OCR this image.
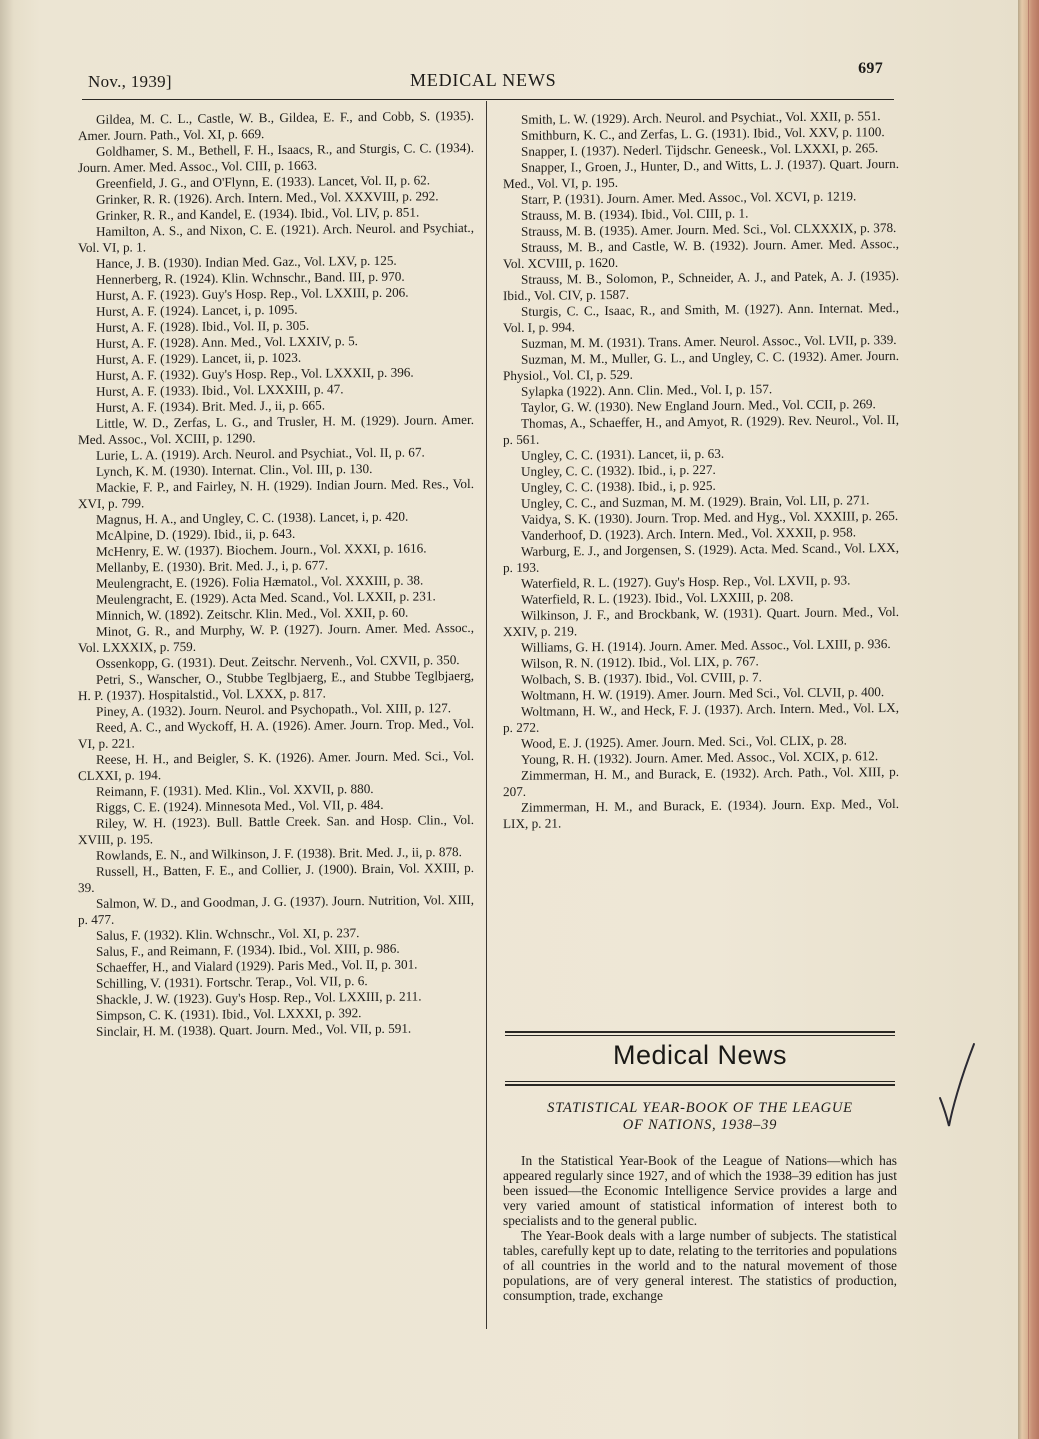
Nov., 1939]	MEDICAL NEWS
697

Gildea, M. C. L., Castle, W. B., Gildea, E. F., and Cobb, S. (1935). Amer. Journ. Path., Vol. XI, p. 669.

Goldhamer, S. M., Bethell, F. H., Isaacs, R., and Sturgis, C. C. (1934). Journ. Amer. Med. Assoc., Vol. CIII, p. 1663.

Greenfield, J. G., and O'Flynn, E. (1933). Lancet, Vol. II, p. 62.

Grinker, R. R. (1926). Arch. Intern. Med., Vol. XXXVIII, p. 292.

Grinker, R. R., and Kandel, E. (1934). Ibid., Vol. LIV, p. 851.

Hamilton, A. S., and Nixon, C. E. (1921). Arch. Neurol. and Psychiat., Vol. VI, p. 1.

Hance, J. B. (1930). Indian Med. Gaz., Vol. LXV, p. 125.

Hennerberg, R. (1924). Klin. Wchnschr., Band. III, p. 970.

Hurst, A. F. (1923). Guy's Hosp. Rep., Vol. LXXIII, p. 206.

Hurst, A. F. (1924). Lancet, i, p. 1095.

Hurst, A. F. (1928). Ibid., Vol. II, p. 305.

Hurst, A. F. (1928). Ann. Med., Vol. LXXIV, p. 5.

Hurst, A. F. (1929). Lancet, ii, p. 1023.

Hurst, A. F. (1932). Guy's Hosp. Rep., Vol. LXXXII, p. 396.

Hurst, A. F. (1933). Ibid., Vol. LXXXIII, p. 47.

Hurst, A. F. (1934). Brit. Med. J., ii, p. 665.

Little, W. D., Zerfas, L. G., and Trusler, H. M. (1929). Journ. Amer. Med. Assoc., Vol. XCIII, p. 1290.

Lurie, L. A. (1919). Arch. Neurol. and Psychiat., Vol. II, p. 67.

Lynch, K. M. (1930). Internat. Clin., Vol. III, p. 130.

Mackie, F. P., and Fairley, N. H. (1929). Indian Journ. Med. Res., Vol. XVI, p. 799.

Magnus, H. A., and Ungley, C. C. (1938). Lancet, i, p. 420.

McAlpine, D. (1929). Ibid., ii, p. 643.

McHenry, E. W. (1937). Biochem. Journ., Vol. XXXI, p. 1616.

Mellanby, E. (1930). Brit. Med. J., i, p. 677.

Meulengracht, E. (1926). Folia Hæmatol., Vol. XXXIII, p. 38.

Meulengracht, E. (1929). Acta Med. Scand., Vol. LXXII, p. 231.

Minnich, W. (1892). Zeitschr. Klin. Med., Vol. XXII, p. 60.

Minot, G. R., and Murphy, W. P. (1927). Journ. Amer. Med. Assoc., Vol. LXXXIX, p. 759.

Ossenkopp, G. (1931). Deut. Zeitschr. Nervenh., Vol. CXVII, p. 350.

Petri, S., Wanscher, O., Stubbe Teglbjaerg, E., and Stubbe Teglbjaerg, H. P. (1937). Hospitalstid., Vol. LXXX, p. 817.

Piney, A. (1932). Journ. Neurol. and Psychopath., Vol. XIII, p. 127.

Reed, A. C., and Wyckoff, H. A. (1926). Amer. Journ. Trop. Med., Vol. VI, p. 221.

Reese, H. H., and Beigler, S. K. (1926). Amer. Journ. Med. Sci., Vol. CLXXI, p. 194.

Reimann, F. (1931). Med. Klin., Vol. XXVII, p. 880.

Riggs, C. E. (1924). Minnesota Med., Vol. VII, p. 484.

Riley, W. H. (1923). Bull. Battle Creek. San. and Hosp. Clin., Vol. XVIII, p. 195.

Rowlands, E. N., and Wilkinson, J. F. (1938). Brit. Med. J., ii, p. 878.

Russell, H., Batten, F. E., and Collier, J. (1900). Brain, Vol. XXIII, p. 39.

Salmon, W. D., and Goodman, J. G. (1937). Journ. Nutrition, Vol. XIII, p. 477.

Salus, F. (1932). Klin. Wchnschr., Vol. XI, p. 237.

Salus, F., and Reimann, F. (1934). Ibid., Vol. XIII, p. 986.

Schaeffer, H., and Vialard (1929). Paris Med., Vol. II, p. 301.

Schilling, V. (1931). Fortschr. Terap., Vol. VII, p. 6.

Shackle, J. W. (1923). Guy's Hosp. Rep., Vol. LXXIII, p. 211.

Simpson, C. K. (1931). Ibid., Vol. LXXXI, p. 392.

Sinclair, H. M. (1938). Quart. Journ. Med., Vol. VII, p. 591.

Smith, L. W. (1929). Arch. Neurol. and Psychiat., Vol. XXII, p. 551.

Smithburn, K. C., and Zerfas, L. G. (1931). Ibid., Vol. XXV, p. 1100.

Snapper, I. (1937). Nederl. Tijdschr. Geneesk., Vol. LXXXI, p. 265.

Snapper, I., Groen, J., Hunter, D., and Witts, L. J. (1937). Quart. Journ. Med., Vol. VI, p. 195.

Starr, P. (1931). Journ. Amer. Med. Assoc., Vol. XCVI, p. 1219.

Strauss, M. B. (1934). Ibid., Vol. CIII, p. 1.

Strauss, M. B. (1935). Amer. Journ. Med. Sci., Vol. CLXXXIX, p. 378.

Strauss, M. B., and Castle, W. B. (1932). Journ. Amer. Med. Assoc., Vol. XCVIII, p. 1620.

Strauss, M. B., Solomon, P., Schneider, A. J., and Patek, A. J. (1935). Ibid., Vol. CIV, p. 1587.

Sturgis, C. C., Isaac, R., and Smith, M. (1927). Ann. Internat. Med., Vol. I, p. 994.

Suzman, M. M. (1931). Trans. Amer. Neurol. Assoc., Vol. LVII, p. 339.

Suzman, M. M., Muller, G. L., and Ungley, C. C. (1932). Amer. Journ. Physiol., Vol. CI, p. 529.

Sylapka (1922). Ann. Clin. Med., Vol. I, p. 157.

Taylor, G. W. (1930). New England Journ. Med., Vol. CCII, p. 269.

Thomas, A., Schaeffer, H., and Amyot, R. (1929). Rev. Neurol., Vol. II, p. 561.

Ungley, C. C. (1931). Lancet, ii, p. 63.

Ungley, C. C. (1932). Ibid., i, p. 227.

Ungley, C. C. (1938). Ibid., i, p. 925.

Ungley, C. C., and Suzman, M. M. (1929). Brain, Vol. LII, p. 271.

Vaidya, S. K. (1930). Journ. Trop. Med. and Hyg., Vol. XXXIII, p. 265.

Vanderhoof, D. (1923). Arch. Intern. Med., Vol. XXXII, p. 958.

Warburg, E. J., and Jorgensen, S. (1929). Acta. Med. Scand., Vol. LXX, p. 193.

Waterfield, R. L. (1927). Guy's Hosp. Rep., Vol. LXVII, p. 93.

Waterfield, R. L. (1923). Ibid., Vol. LXXIII, p. 208.

Wilkinson, J. F., and Brockbank, W. (1931). Quart. Journ. Med., Vol. XXIV, p. 219.

Williams, G. H. (1914). Journ. Amer. Med. Assoc., Vol. LXIII, p. 936.

Wilson, R. N. (1912). Ibid., Vol. LIX, p. 767.

Wolbach, S. B. (1937). Ibid., Vol. CVIII, p. 7.

Woltmann, H. W. (1919). Amer. Journ. Med Sci., Vol. CLVII, p. 400.

Woltmann, H. W., and Heck, F. J. (1937). Arch. Intern. Med., Vol. LX, p. 272.

Wood, E. J. (1925). Amer. Journ. Med. Sci., Vol. CLIX, p. 28.

Young, R. H. (1932). Journ. Amer. Med. Assoc., Vol. XCIX, p. 612.

Zimmerman, H. M., and Burack, E. (1932). Arch. Path., Vol. XIII, p. 207.

Zimmerman, H. M., and Burack, E. (1934). Journ. Exp. Med., Vol. LIX, p. 21.

Medical News
STATISTICAL YEAR-BOOK OF THE LEAGUE
OF NATIONS, 1938–39

In the Statistical Year-Book of the League of Nations—which has appeared regularly since 1927, and of which the 1938–39 edition has just been issued—the Economic Intelligence Service provides a large and very varied amount of statistical information of interest both to specialists and to the general public.

The Year-Book deals with a large number of subjects. The statistical tables, carefully kept up to date, relating to the territories and populations of all countries in the world and to the natural movement of those populations, are of very general interest. The statistics of production, consumption, trade, exchange
